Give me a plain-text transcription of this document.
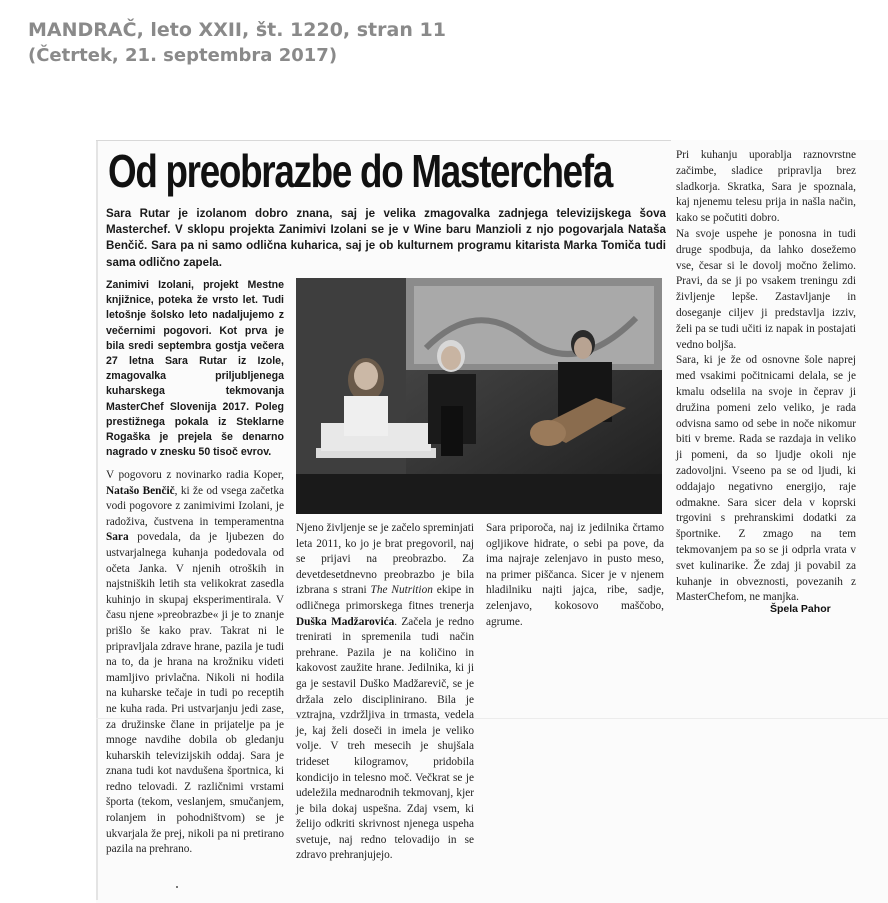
MANDRAČ, leto XXII, št. 1220, stran 11
(Četrtek, 21. septembra 2017)
Od preobrazbe do Masterchefa

Sara Rutar je izolanom dobro znana, saj je velika zmagovalka zadnjega televizijskega šova Masterchef. V sklopu projekta Zanimivi Izolani se je v Wine baru Manzioli z njo pogovarjala Nataša Benčič. Sara pa ni samo odlična kuharica, saj je ob kulturnem programu kitarista Marka Tomiča tudi sama odlično zapela.

Zanimivi Izolani, projekt Mestne knjižnice, poteka že vrsto let. Tudi letošnje šolsko leto nadaljujemo z večernimi pogovori. Kot prva je bila sredi septembra gostja večera 27 letna Sara Rutar iz Izole, zmagovalka priljubljenega kuharskega tekmovanja MasterChef Slovenija 2017. Poleg prestižnega pokala iz Steklarne Rogaška je prejela še denarno nagrado v znesku 50 tisoč evrov.

V pogovoru z novinarko radia Koper, Natašo Benčič, ki že od vsega začetka vodi pogovore z zanimivimi Izolani, je radoživa, čustvena in temperamentna Sara povedala, da je ljubezen do ustvarjalnega kuhanja podedovala od očeta Janka. V njenih otroških in najstniških letih sta velikokrat zasedla kuhinjo in skupaj eksperimentirala. V času njene »preobrazbe« ji je to znanje prišlo še kako prav. Takrat ni le pripravljala zdrave hrane, pazila je tudi na to, da je hrana na krožniku videti mamljivo privlačna. Nikoli ni hodila na kuharske tečaje in tudi po receptih ne kuha rada. Pri ustvarjanju jedi zase, za družinske člane in prijatelje pa je mnoge navdihe dobila ob gledanju kuharskih televizijskih oddaj. Sara je znana tudi kot navdušena športnica, ki redno telovadi. Z različnimi vrstami športa (tekom, veslanjem, smučanjem, rolanjem in pohodništvom) se je ukvarjala že prej, nikoli pa ni pretirano pazila na prehrano.

Njeno življenje se je začelo spreminjati leta 2011, ko jo je brat pregovoril, naj se prijavi na preobrazbo. Za devetdesetdnevno preobrazbo je bila izbrana s strani The Nutrition ekipe in odličnega primorskega fitnes trenerja Duška Madžarovića. Začela je redno trenirati in spremenila tudi način prehrane. Pazila je na količino in kakovost zaužite hrane. Jedilnika, ki ji ga je sestavil Duško Madžarevič, se je držala zelo disciplinirano. Bila je vztrajna, vzdržljiva in trmasta, vedela je, kaj želi doseči in imela je veliko volje. V treh mesecih je shujšala trideset kilogramov, pridobila kondicijo in telesno moč. Večkrat se je udeležila mednarodnih tekmovanj, kjer je bila dokaj uspešna. Zdaj vsem, ki želijo odkriti skrivnost njenega uspeha svetuje, naj redno telovadijo in se zdravo prehranjujejo.

Sara priporoča, naj iz jedilnika črtamo ogljikove hidrate, o sebi pa pove, da ima najraje zelenjavo in pusto meso, na primer piščanca. Sicer je v njenem hladilniku najti jajca, ribe, sadje, zelenjavo, kokosovo maščobo, agrume.

Pri kuhanju uporablja raznovrstne začimbe, sladice pripravlja brez sladkorja. Skratka, Sara je spoznala, kaj njenemu telesu prija in našla način, kako se počutiti dobro.

Na svoje uspehe je ponosna in tudi druge spodbuja, da lahko dosežemo vse, česar si le dovolj močno želimo. Pravi, da se ji po vsakem treningu zdi življenje lepše. Zastavljanje in doseganje ciljev ji predstavlja izziv, želi pa se tudi učiti iz napak in postajati vedno boljša.

Sara, ki je že od osnovne šole naprej med vsakimi počitnicami delala, se je kmalu odselila na svoje in čeprav ji družina pomeni zelo veliko, je rada odvisna samo od sebe in noče nikomur biti v breme. Rada se razdaja in veliko ji pomeni, da so ljudje okoli nje zadovoljni. Vseeno pa se od ljudi, ki oddajajo negativno energijo, raje odmakne. Sara sicer dela v koprski trgovini s prehranskimi dodatki za športnike. Z zmago na tem tekmovanjem pa so se ji odprla vrata v svet kulinarike. Že zdaj ji povabil za kuhanje in obveznosti, povezanih z MasterChefom, ne manjka.

Špela Pahor
